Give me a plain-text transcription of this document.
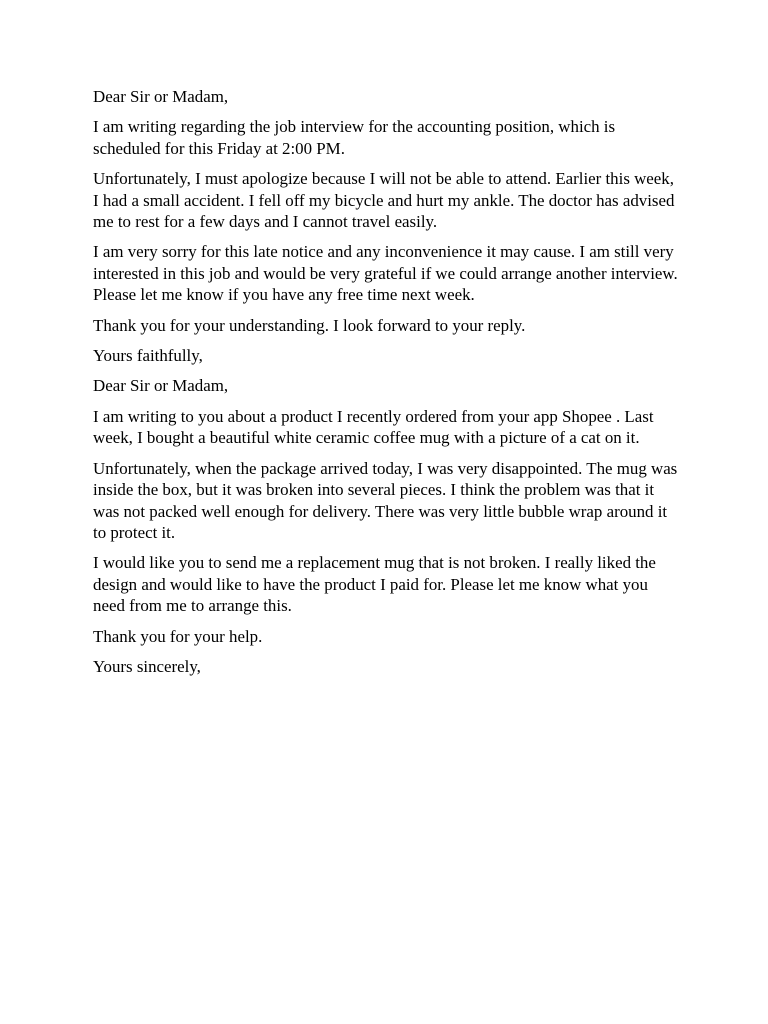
Dear Sir or Madam,

I am writing regarding the job interview for the accounting position, which is scheduled for this Friday at 2:00 PM.

Unfortunately, I must apologize because I will not be able to attend. Earlier this week, I had a small accident. I fell off my bicycle and hurt my ankle. The doctor has advised me to rest for a few days and I cannot travel easily.

I am very sorry for this late notice and any inconvenience it may cause. I am still very interested in this job and would be very grateful if we could arrange another interview. Please let me know if you have any free time next week.

Thank you for your understanding. I look forward to your reply.

Yours faithfully,

Dear Sir or Madam,

I am writing to you about a product I recently ordered from your app Shopee . Last week, I bought a beautiful white ceramic coffee mug with a picture of a cat on it.

Unfortunately, when the package arrived today, I was very disappointed. The mug was inside the box, but it was broken into several pieces. I think the problem was that it was not packed well enough for delivery. There was very little bubble wrap around it to protect it.

I would like you to send me a replacement mug that is not broken. I really liked the design and would like to have the product I paid for. Please let me know what you need from me to arrange this.

Thank you for your help.

Yours sincerely,
